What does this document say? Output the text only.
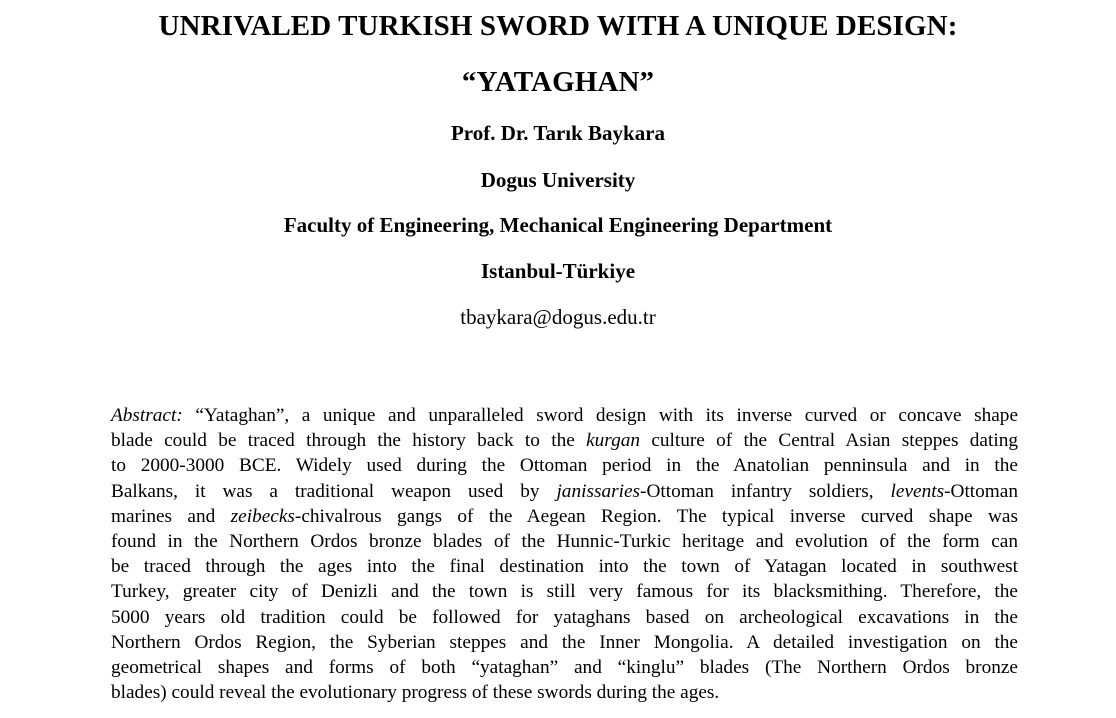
UNRIVALED TURKISH SWORD WITH A UNIQUE DESIGN:
“YATAGHAN”

Prof. Dr. Tarık Baykara

Dogus University

Faculty of Engineering, Mechanical Engineering Department

Istanbul-Türkiye

tbaykara@dogus.edu.tr

Abstract: “Yataghan”, a unique and unparalleled sword design with its inverse curved or concave shape
blade could be traced through the history back to the kurgan culture of the Central Asian steppes dating
to 2000-3000 BCE. Widely used during the Ottoman period in the Anatolian penninsula and in the
Balkans, it was a traditional weapon used by janissaries-Ottoman infantry soldiers, levents-Ottoman
marines and zeibecks-chivalrous gangs of the Aegean Region. The typical inverse curved shape was
found in the Northern Ordos bronze blades of the Hunnic-Turkic heritage and evolution of the form can
be traced through the ages into the final destination into the town of Yatagan located in southwest
Turkey, greater city of Denizli and the town is still very famous for its blacksmithing. Therefore, the
5000 years old tradition could be followed for yataghans based on archeological excavations in the
Northern Ordos Region, the Syberian steppes and the Inner Mongolia. A detailed investigation on the
geometrical shapes and forms of both “yataghan” and “kinglu” blades (The Northern Ordos bronze
blades) could reveal the evolutionary progress of these swords during the ages.
